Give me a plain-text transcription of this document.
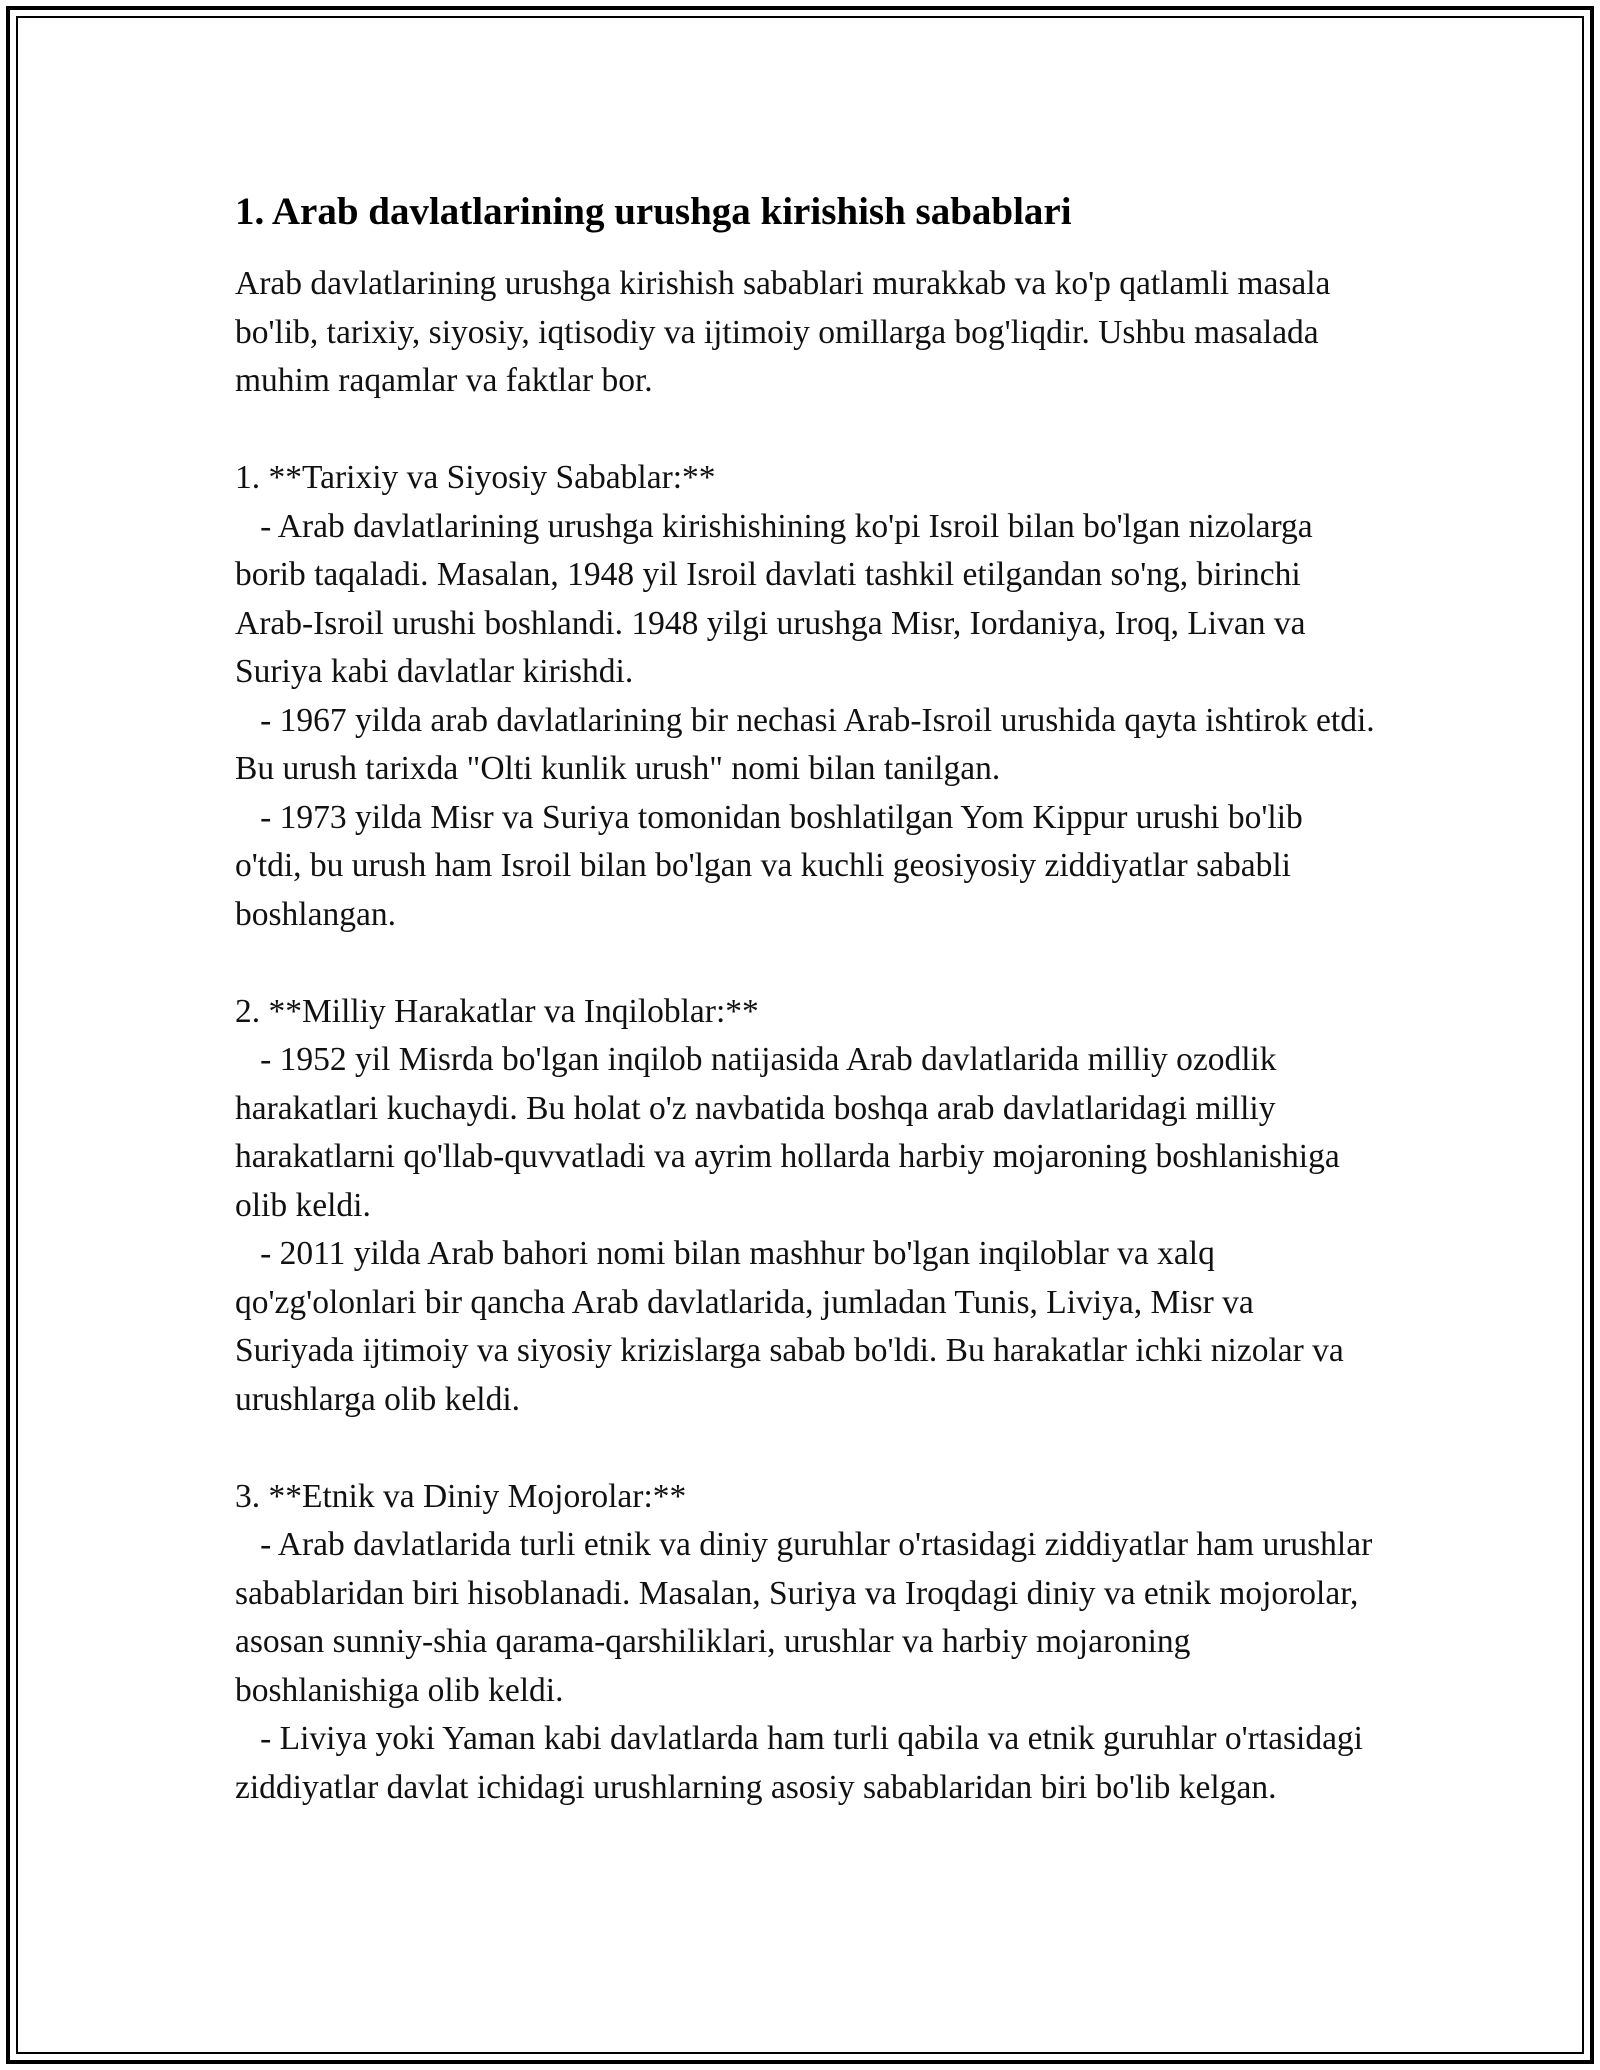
1. Arab davlatlarining urushga kirishish sabablari

Arab davlatlarining urushga kirishish sabablari murakkab va ko'p qatlamli masala bo'lib, tarixiy, siyosiy, iqtisodiy va ijtimoiy omillarga bog'liqdir. Ushbu masalada muhim raqamlar va faktlar bor.

1. **Tarixiy va Siyosiy Sabablar:**
- Arab davlatlarining urushga kirishishining ko'pi Isroil bilan bo'lgan nizolarga borib taqaladi. Masalan, 1948 yil Isroil davlati tashkil etilgandan so'ng, birinchi Arab-Isroil urushi boshlandi. 1948 yilgi urushga Misr, Iordaniya, Iroq, Livan va Suriya kabi davlatlar kirishdi.
- 1967 yilda arab davlatlarining bir nechasi Arab-Isroil urushida qayta ishtirok etdi. Bu urush tarixda "Olti kunlik urush" nomi bilan tanilgan.
- 1973 yilda Misr va Suriya tomonidan boshlatilgan Yom Kippur urushi bo'lib o'tdi, bu urush ham Isroil bilan bo'lgan va kuchli geosiyosiy ziddiyatlar sababli boshlangan.

2. **Milliy Harakatlar va Inqiloblar:**
- 1952 yil Misrda bo'lgan inqilob natijasida Arab davlatlarida milliy ozodlik harakatlari kuchaydi. Bu holat o'z navbatida boshqa arab davlatlaridagi milliy harakatlarni qo'llab-quvvatladi va ayrim hollarda harbiy mojaroning boshlanishiga olib keldi.
- 2011 yilda Arab bahori nomi bilan mashhur bo'lgan inqiloblar va xalq qo'zg'olonlari bir qancha Arab davlatlarida, jumladan Tunis, Liviya, Misr va Suriyada ijtimoiy va siyosiy krizislarga sabab bo'ldi. Bu harakatlar ichki nizolar va urushlarga olib keldi.

3. **Etnik va Diniy Mojorolar:**
- Arab davlatlarida turli etnik va diniy guruhlar o'rtasidagi ziddiyatlar ham urushlar sabablaridan biri hisoblanadi. Masalan, Suriya va Iroqdagi diniy va etnik mojorolar, asosan sunniy-shia qarama-qarshiliklari, urushlar va harbiy mojaroning boshlanishiga olib keldi.
- Liviya yoki Yaman kabi davlatlarda ham turli qabila va etnik guruhlar o'rtasidagi ziddiyatlar davlat ichidagi urushlarning asosiy sabablaridan biri bo'lib kelgan.
